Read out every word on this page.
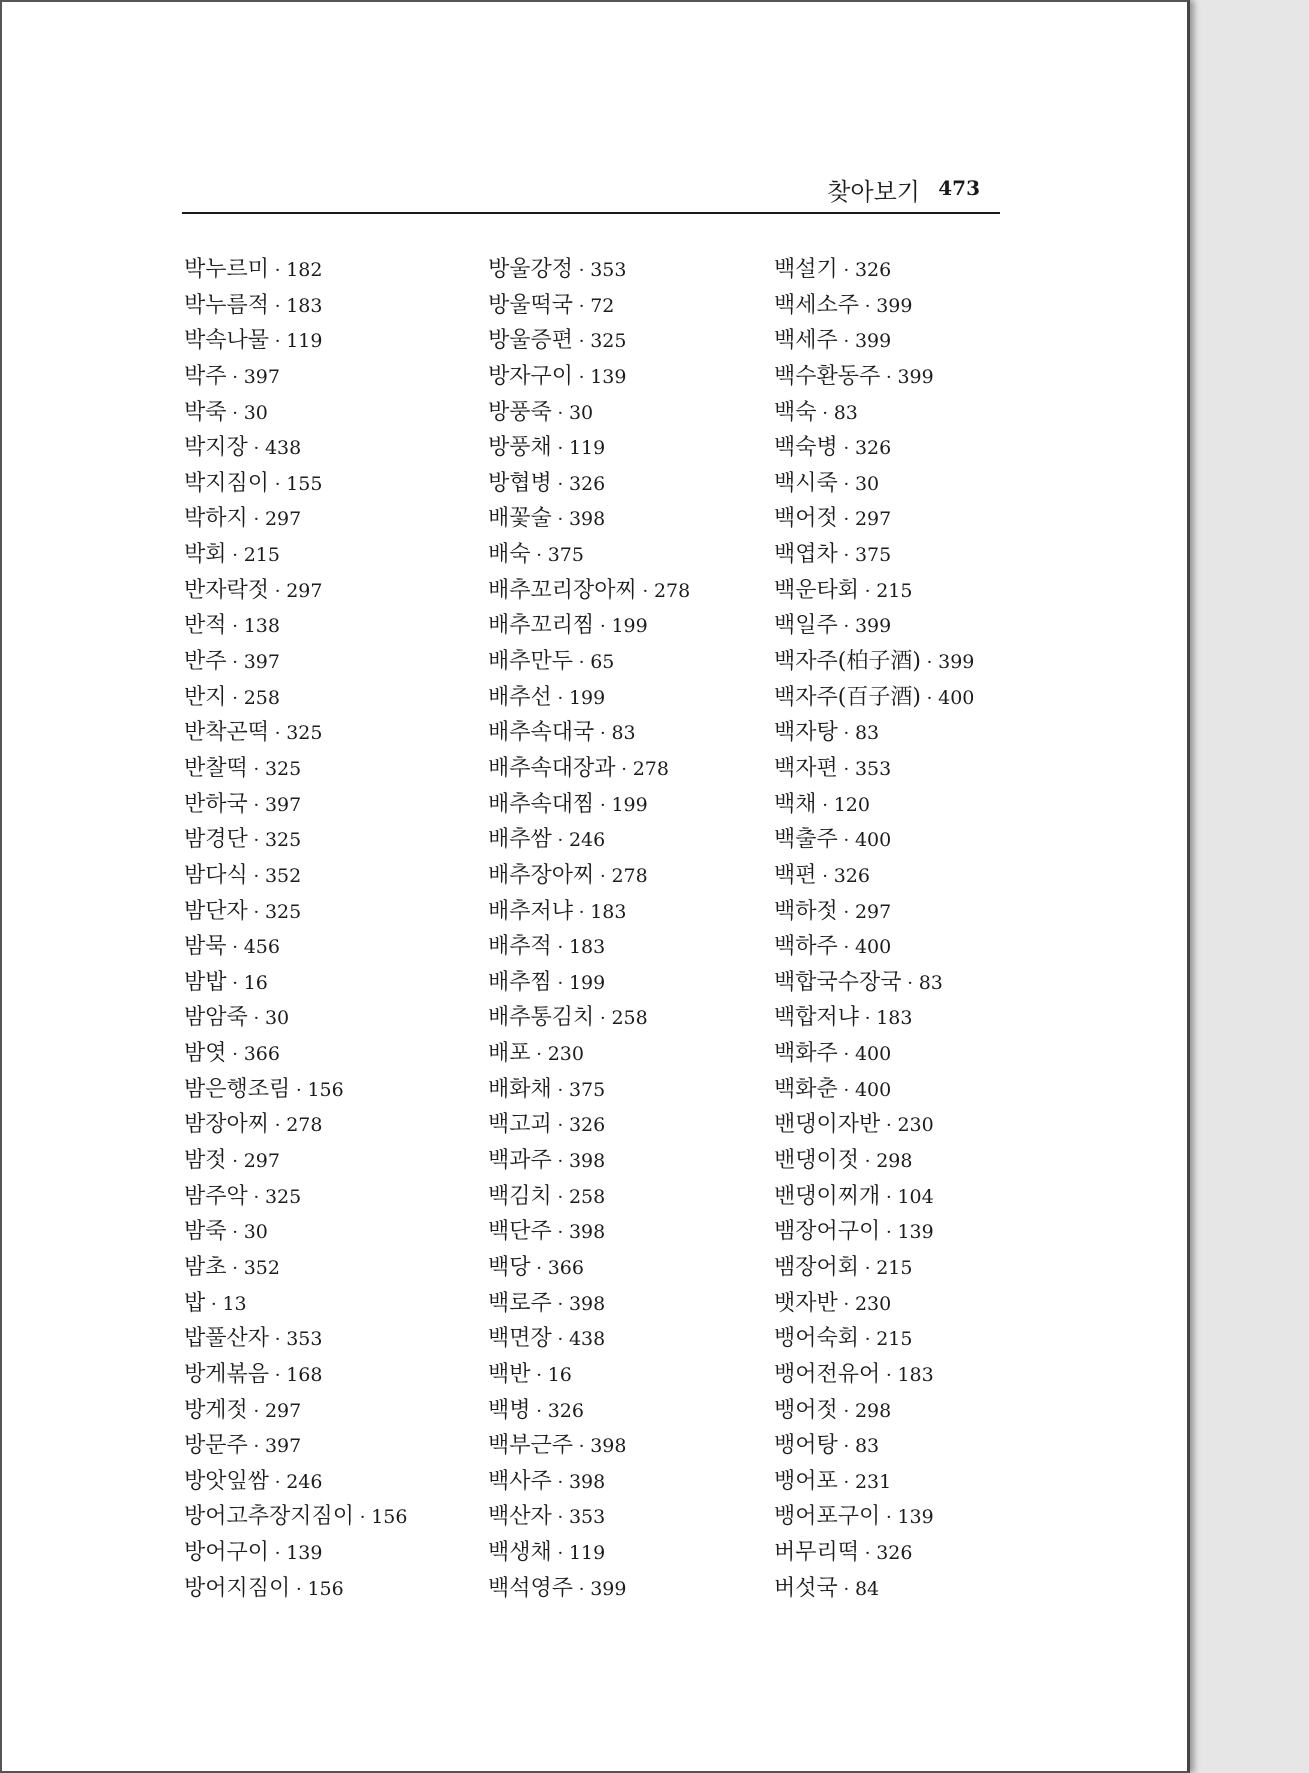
찾아보기 473
박누르미 · 182
박누름적 · 183
박속나물 · 119
박주 · 397
박죽 · 30
박지장 · 438
박지짐이 · 155
박하지 · 297
박회 · 215
반자락젓 · 297
반적 · 138
반주 · 397
반지 · 258
반착곤떡 · 325
반찰떡 · 325
반하국 · 397
밤경단 · 325
밤다식 · 352
밤단자 · 325
밤묵 · 456
밤밥 · 16
밤암죽 · 30
밤엿 · 366
밤은행조림 · 156
밤장아찌 · 278
밤젓 · 297
밤주악 · 325
밤죽 · 30
밤초 · 352
밥 · 13
밥풀산자 · 353
방게볶음 · 168
방게젓 · 297
방문주 · 397
방앗잎쌈 · 246
방어고추장지짐이 · 156
방어구이 · 139
방어지짐이 · 156
방울강정 · 353
방울떡국 · 72
방울증편 · 325
방자구이 · 139
방풍죽 · 30
방풍채 · 119
방협병 · 326
배꽃술 · 398
배숙 · 375
배추꼬리장아찌 · 278
배추꼬리찜 · 199
배추만두 · 65
배추선 · 199
배추속대국 · 83
배추속대장과 · 278
배추속대찜 · 199
배추쌈 · 246
배추장아찌 · 278
배추저냐 · 183
배추적 · 183
배추찜 · 199
배추통김치 · 258
배포 · 230
배화채 · 375
백고괴 · 326
백과주 · 398
백김치 · 258
백단주 · 398
백당 · 366
백로주 · 398
백면장 · 438
백반 · 16
백병 · 326
백부근주 · 398
백사주 · 398
백산자 · 353
백생채 · 119
백석영주 · 399
백설기 · 326
백세소주 · 399
백세주 · 399
백수환동주 · 399
백숙 · 83
백숙병 · 326
백시죽 · 30
백어젓 · 297
백엽차 · 375
백운타회 · 215
백일주 · 399
백자주(柏子酒) · 399
백자주(百子酒) · 400
백자탕 · 83
백자편 · 353
백채 · 120
백출주 · 400
백편 · 326
백하젓 · 297
백하주 · 400
백합국수장국 · 83
백합저냐 · 183
백화주 · 400
백화춘 · 400
밴댕이자반 · 230
밴댕이젓 · 298
밴댕이찌개 · 104
뱀장어구이 · 139
뱀장어회 · 215
뱃자반 · 230
뱅어숙회 · 215
뱅어전유어 · 183
뱅어젓 · 298
뱅어탕 · 83
뱅어포 · 231
뱅어포구이 · 139
버무리떡 · 326
버섯국 · 84
